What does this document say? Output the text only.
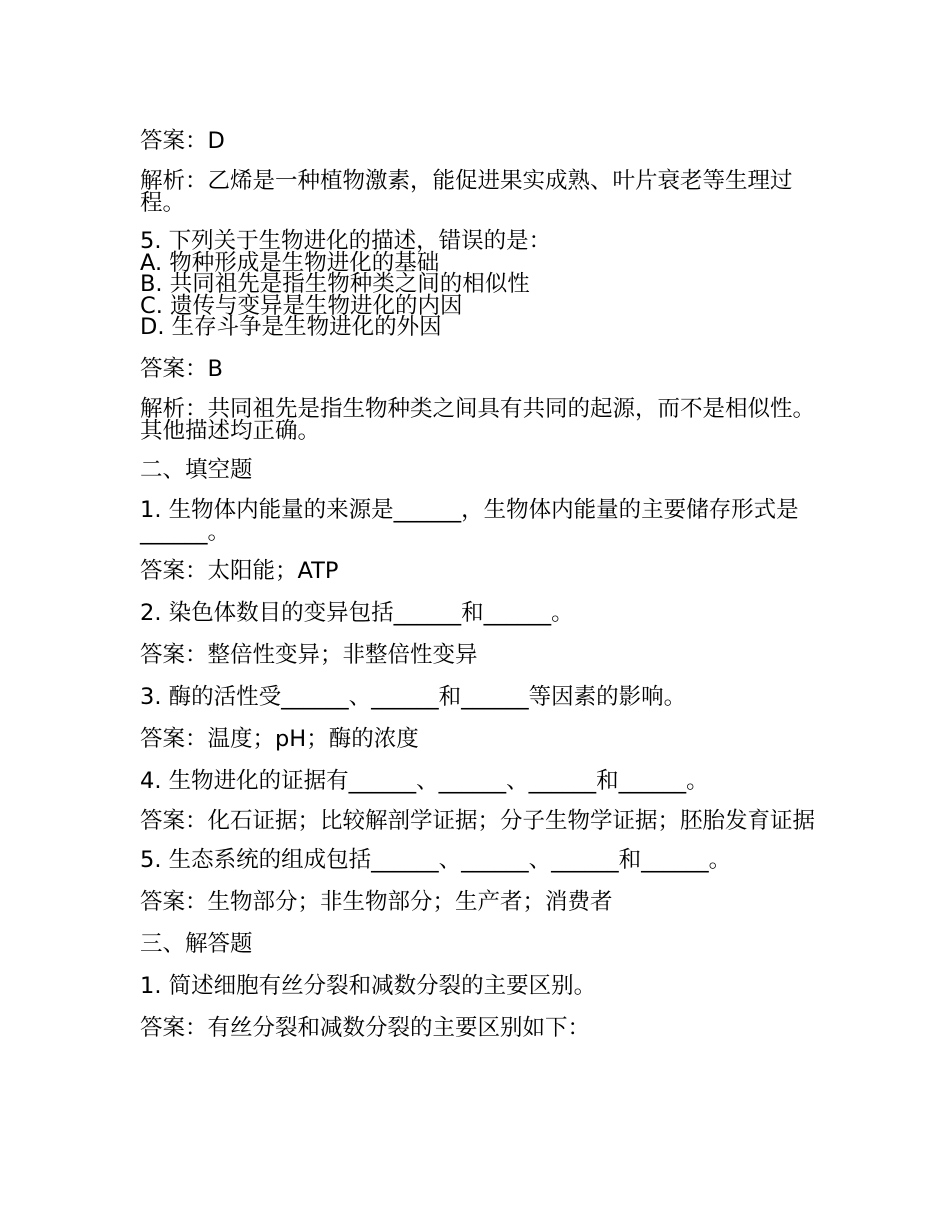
答案：D
解析：乙烯是一种植物激素，能促进果实成熟、叶片衰老等生理过程。
5. 下列关于生物进化的描述，错误的是：
A. 物种形成是生物进化的基础
B. 共同祖先是指生物种类之间的相似性
C. 遗传与变异是生物进化的内因
D. 生存斗争是生物进化的外因
答案：B
解析：共同祖先是指生物种类之间具有共同的起源，而不是相似性。其他描述均正确。
二、填空题
1. 生物体内能量的来源是______，生物体内能量的主要储存形式是______。
答案：太阳能；ATP
2. 染色体数目的变异包括______和______。
答案：整倍性变异；非整倍性变异
3. 酶的活性受______、______和______等因素的影响。
答案：温度；pH；酶的浓度
4. 生物进化的证据有______、______、______和______。
答案：化石证据；比较解剖学证据；分子生物学证据；胚胎发育证据
5. 生态系统的组成包括______、______、______和______。
答案：生物部分；非生物部分；生产者；消费者
三、解答题
1. 简述细胞有丝分裂和减数分裂的主要区别。
答案：有丝分裂和减数分裂的主要区别如下：
